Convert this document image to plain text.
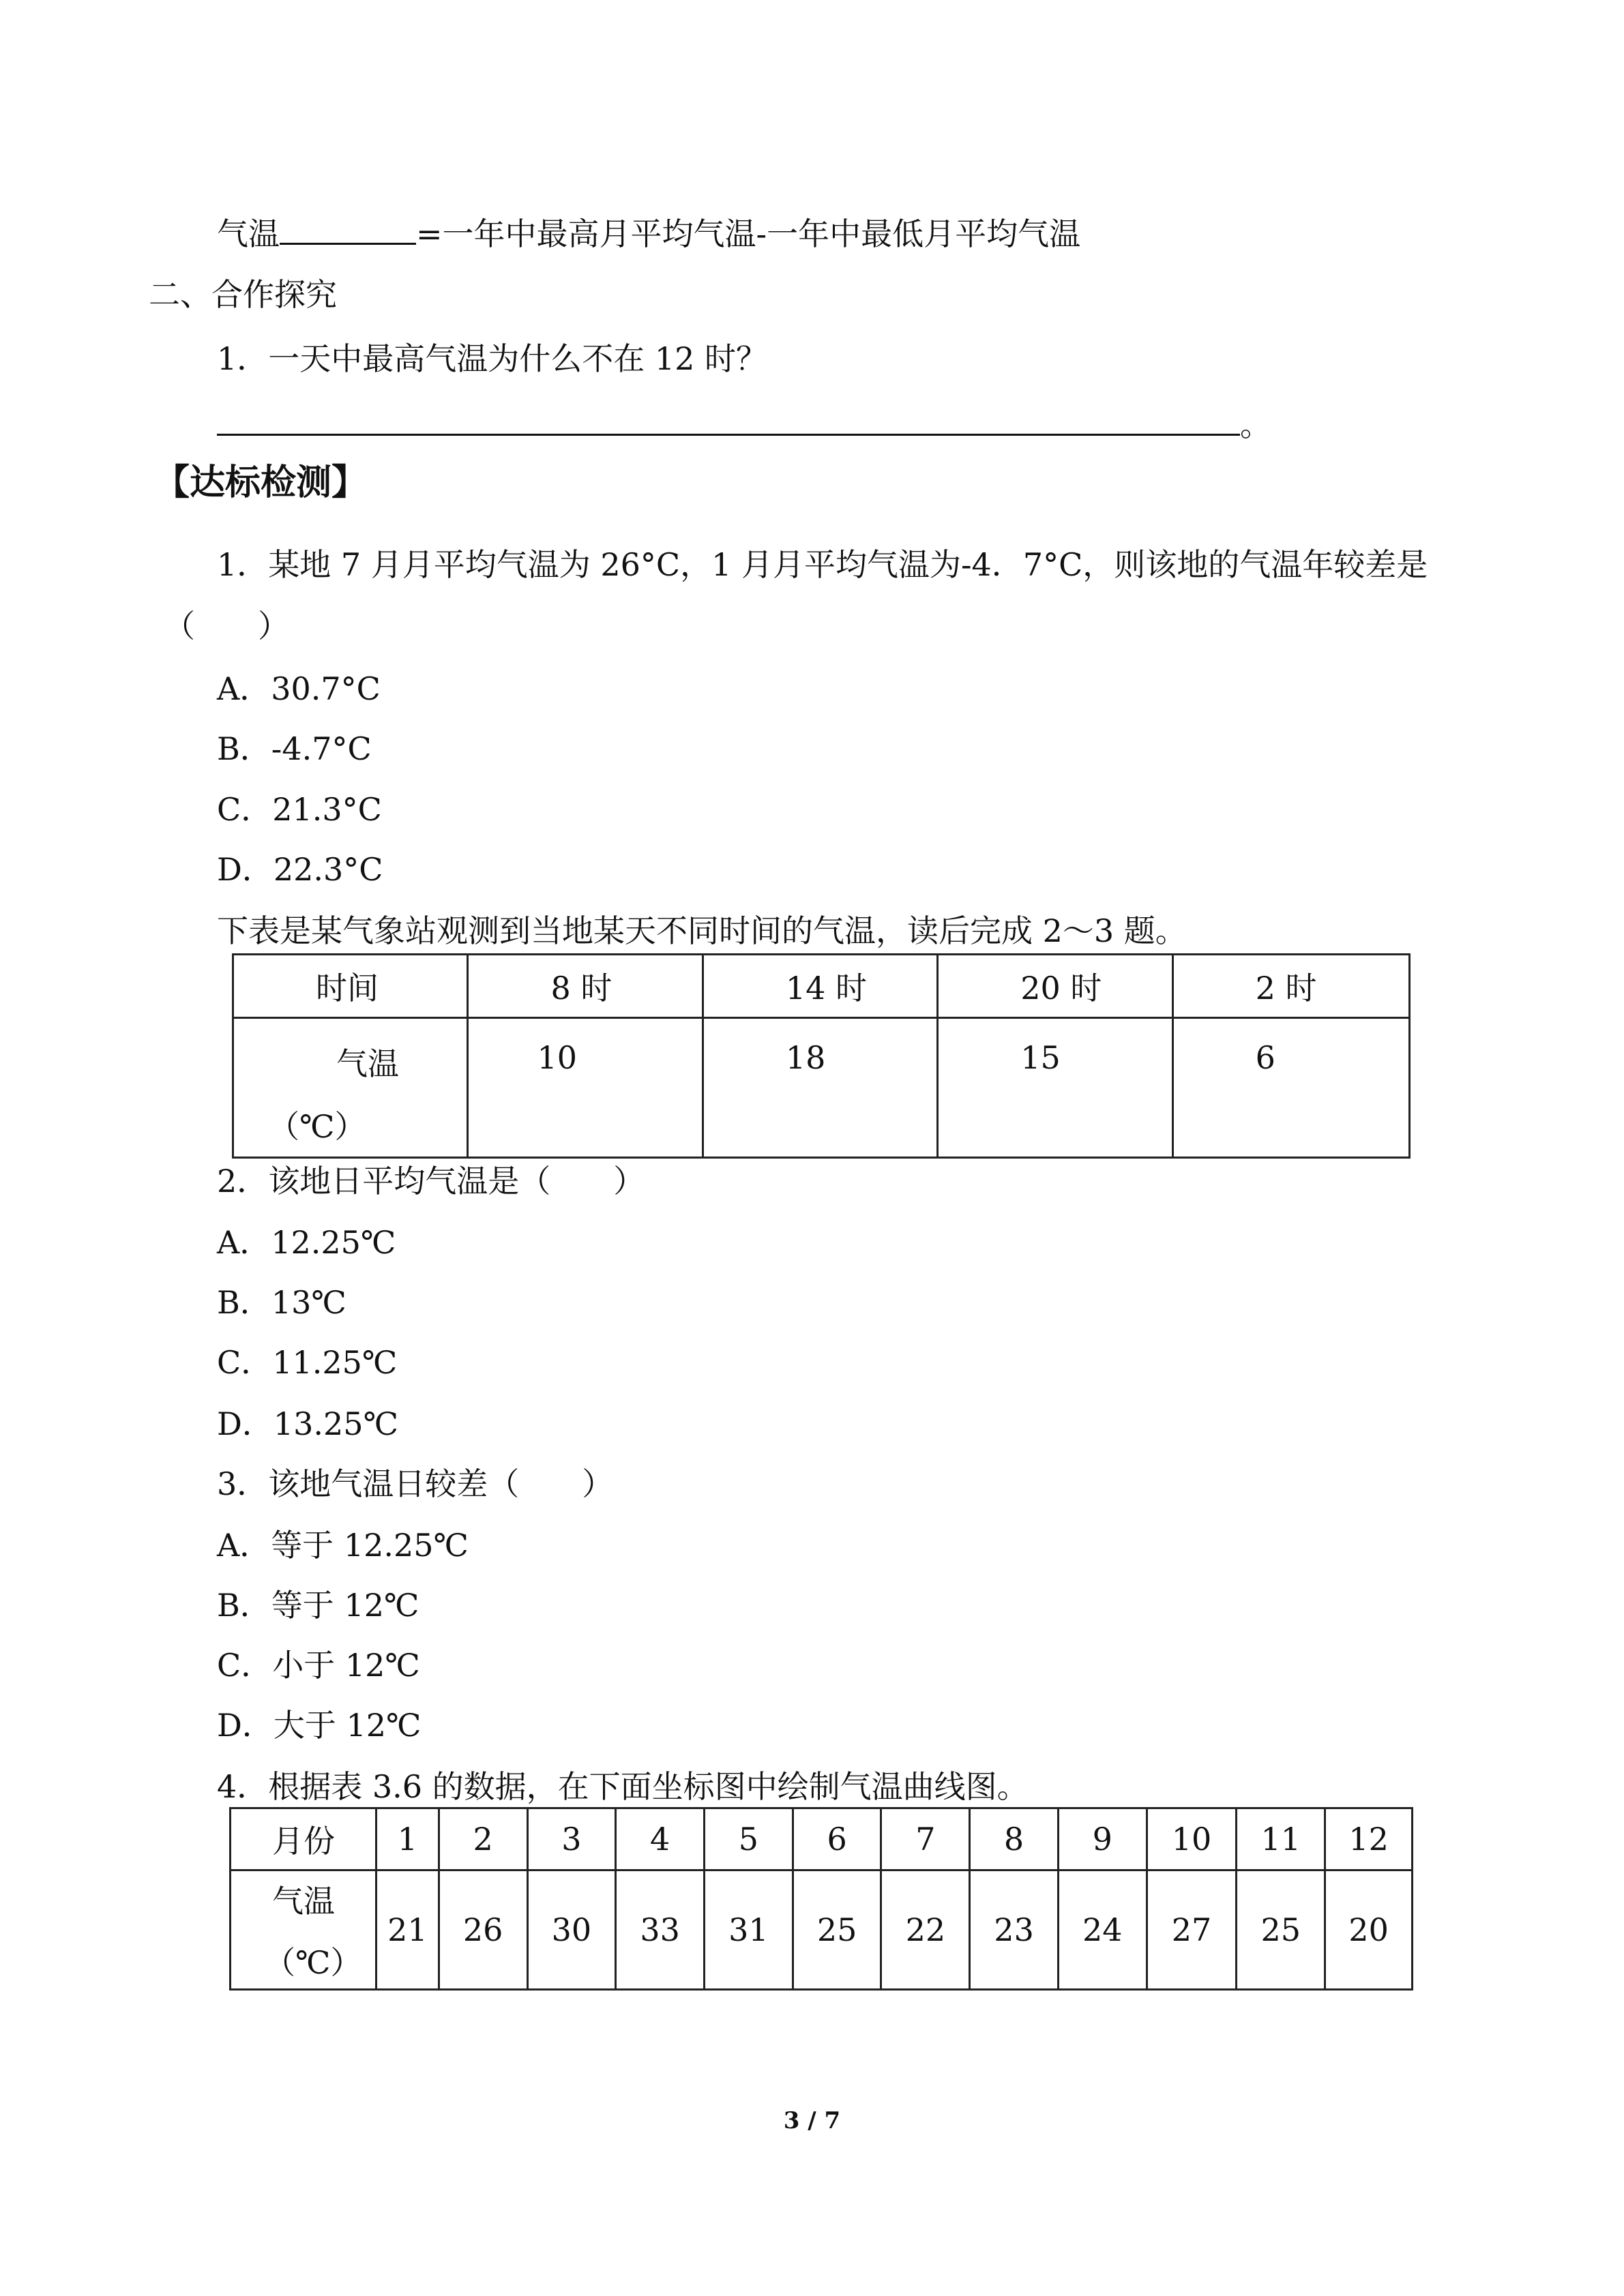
气温	=一年中最高月平均气温-一年中最低月平均气温
二、合作探究
1．一天中最高气温为什么不在 12 时？
。
【达标检测】
1．某地 7 月月平均气温为 26°C，1 月月平均气温为-4．7°C，则该地的气温年较差是
（　　）
A．30.7°C
B．-4.7°C
C．21.3°C
D．22.3°C
下表是某气象站观测到当地某天不同时间的气温，读后完成 2～3 题。
时间	8 时	14 时	20 时	2 时

气温
（℃）	10	18	15	6
2．该地日平均气温是（　　）
A．12.25℃
B．13℃
C．11.25℃
D．13.25℃
3．该地气温日较差（　　）
A．等于 12.25℃
B．等于 12℃
C．小于 12℃
D．大于 12℃
4．根据表 3.6 的数据，在下面坐标图中绘制气温曲线图。
月份	1	2	3	4	5	6	7	8	9	10	11	12

气温
（℃）	21	26	30	33	31	25	22	23	24	27	25	20
3 / 7
